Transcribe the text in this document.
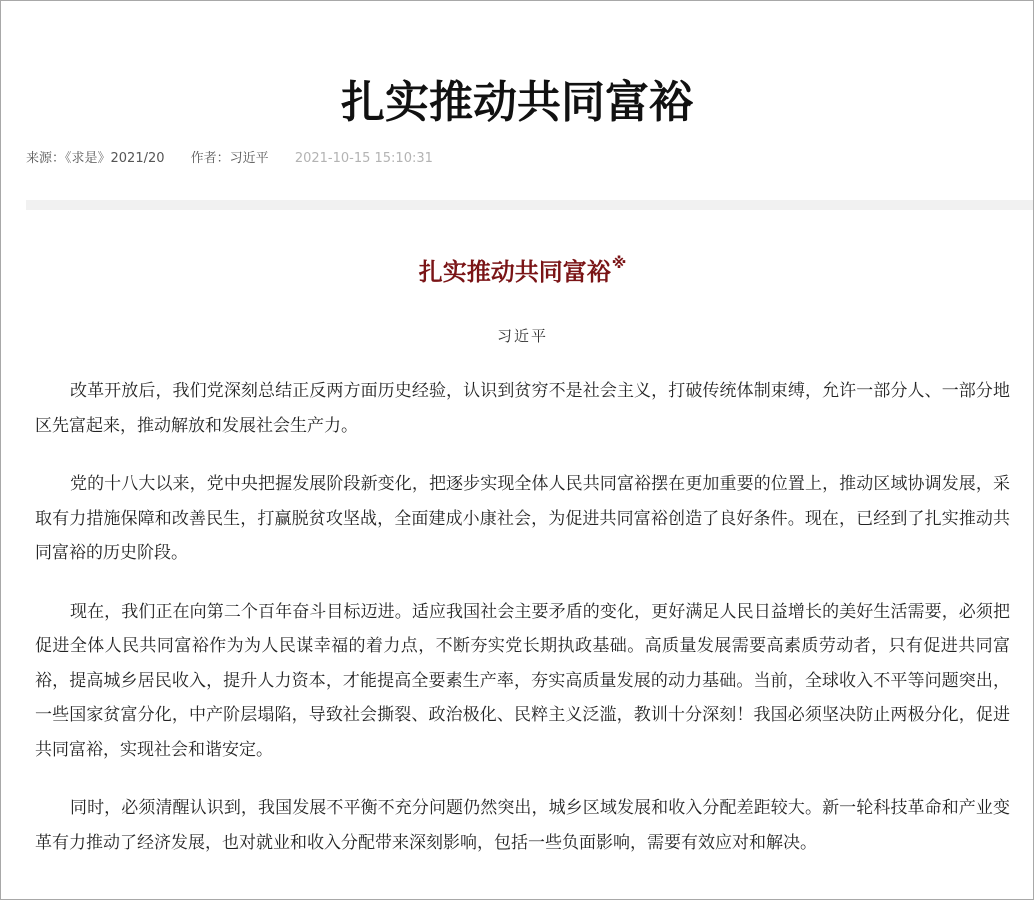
扎实推动共同富裕
来源：《求是》2021/20 作者：习近平 2021-10-15 15:10:31
扎实推动共同富裕※

习近平

改革开放后，我们党深刻总结正反两方面历史经验，认识到贫穷不是社会主义，打破传统体制束缚，允许一部分人、一部分地区先富起来，推动解放和发展社会生产力。

党的十八大以来，党中央把握发展阶段新变化，把逐步实现全体人民共同富裕摆在更加重要的位置上，推动区域协调发展，采取有力措施保障和改善民生，打赢脱贫攻坚战，全面建成小康社会，为促进共同富裕创造了良好条件。现在，已经到了扎实推动共同富裕的历史阶段。

现在，我们正在向第二个百年奋斗目标迈进。适应我国社会主要矛盾的变化，更好满足人民日益增长的美好生活需要，必须把促进全体人民共同富裕作为为人民谋幸福的着力点，不断夯实党长期执政基础。高质量发展需要高素质劳动者，只有促进共同富裕，提高城乡居民收入，提升人力资本，才能提高全要素生产率，夯实高质量发展的动力基础。当前，全球收入不平等问题突出，一些国家贫富分化，中产阶层塌陷，导致社会撕裂、政治极化、民粹主义泛滥，教训十分深刻！我国必须坚决防止两极分化，促进共同富裕，实现社会和谐安定。

同时，必须清醒认识到，我国发展不平衡不充分问题仍然突出，城乡区域发展和收入分配差距较大。新一轮科技革命和产业变革有力推动了经济发展，也对就业和收入分配带来深刻影响，包括一些负面影响，需要有效应对和解决。
